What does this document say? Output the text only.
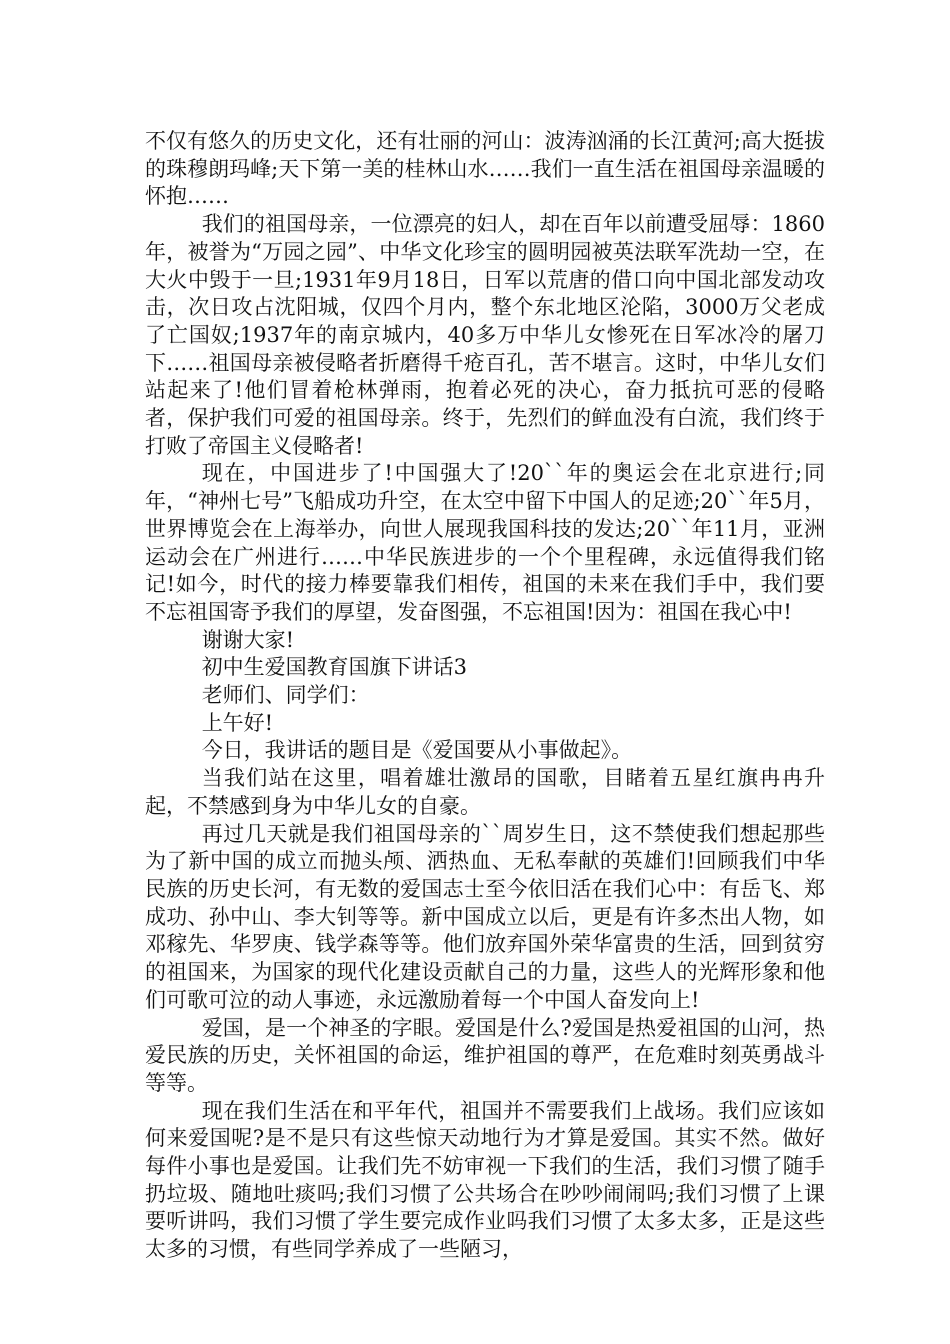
不仅有悠久的历史文化，还有壮丽的河山：波涛汹涌的长江黄河;高大挺拔的珠穆朗玛峰;天下第一美的桂林山水……我们一直生活在祖国母亲温暖的怀抱……

我们的祖国母亲，一位漂亮的妇人，却在百年以前遭受屈辱：1860年，被誉为“万园之园”、中华文化珍宝的圆明园被英法联军洗劫一空，在大火中毁于一旦;1931年9月18日，日军以荒唐的借口向中国北部发动攻击，次日攻占沈阳城，仅四个月内，整个东北地区沦陷，3000万父老成了亡国奴;1937年的南京城内，40多万中华儿女惨死在日军冰冷的屠刀下……祖国母亲被侵略者折磨得千疮百孔，苦不堪言。这时，中华儿女们站起来了!他们冒着枪林弹雨，抱着必死的决心，奋力抵抗可恶的侵略者，保护我们可爱的祖国母亲。终于，先烈们的鲜血没有白流，我们终于打败了帝国主义侵略者!

现在，中国进步了!中国强大了!20``年的奥运会在北京进行;同年，“神州七号”飞船成功升空，在太空中留下中国人的足迹;20``年5月，世界博览会在上海举办，向世人展现我国科技的发达;20``年11月，亚洲运动会在广州进行……中华民族进步的一个个里程碑，永远值得我们铭记!如今，时代的接力棒要靠我们相传，祖国的未来在我们手中，我们要不忘祖国寄予我们的厚望，发奋图强，不忘祖国!因为：祖国在我心中!

谢谢大家!

初中生爱国教育国旗下讲话3

老师们、同学们：

上午好!

今日，我讲话的题目是《爱国要从小事做起》。

当我们站在这里，唱着雄壮激昂的国歌，目睹着五星红旗冉冉升起，不禁感到身为中华儿女的自豪。

再过几天就是我们祖国母亲的``周岁生日，这不禁使我们想起那些为了新中国的成立而抛头颅、洒热血、无私奉献的英雄们!回顾我们中华民族的历史长河，有无数的爱国志士至今依旧活在我们心中：有岳飞、郑成功、孙中山、李大钊等等。新中国成立以后，更是有许多杰出人物，如邓稼先、华罗庚、钱学森等等。他们放弃国外荣华富贵的生活，回到贫穷的祖国来，为国家的现代化建设贡献自己的力量，这些人的光辉形象和他们可歌可泣的动人事迹，永远激励着每一个中国人奋发向上!

爱国，是一个神圣的字眼。爱国是什么?爱国是热爱祖国的山河，热爱民族的历史，关怀祖国的命运，维护祖国的尊严，在危难时刻英勇战斗等等。

现在我们生活在和平年代，祖国并不需要我们上战场。我们应该如何来爱国呢?是不是只有这些惊天动地行为才算是爱国。其实不然。做好每件小事也是爱国。让我们先不妨审视一下我们的生活，我们习惯了随手扔垃圾、随地吐痰吗;我们习惯了公共场合在吵吵闹闹吗;我们习惯了上课要听讲吗，我们习惯了学生要完成作业吗我们习惯了太多太多，正是这些太多的习惯，有些同学养成了一些陋习，
